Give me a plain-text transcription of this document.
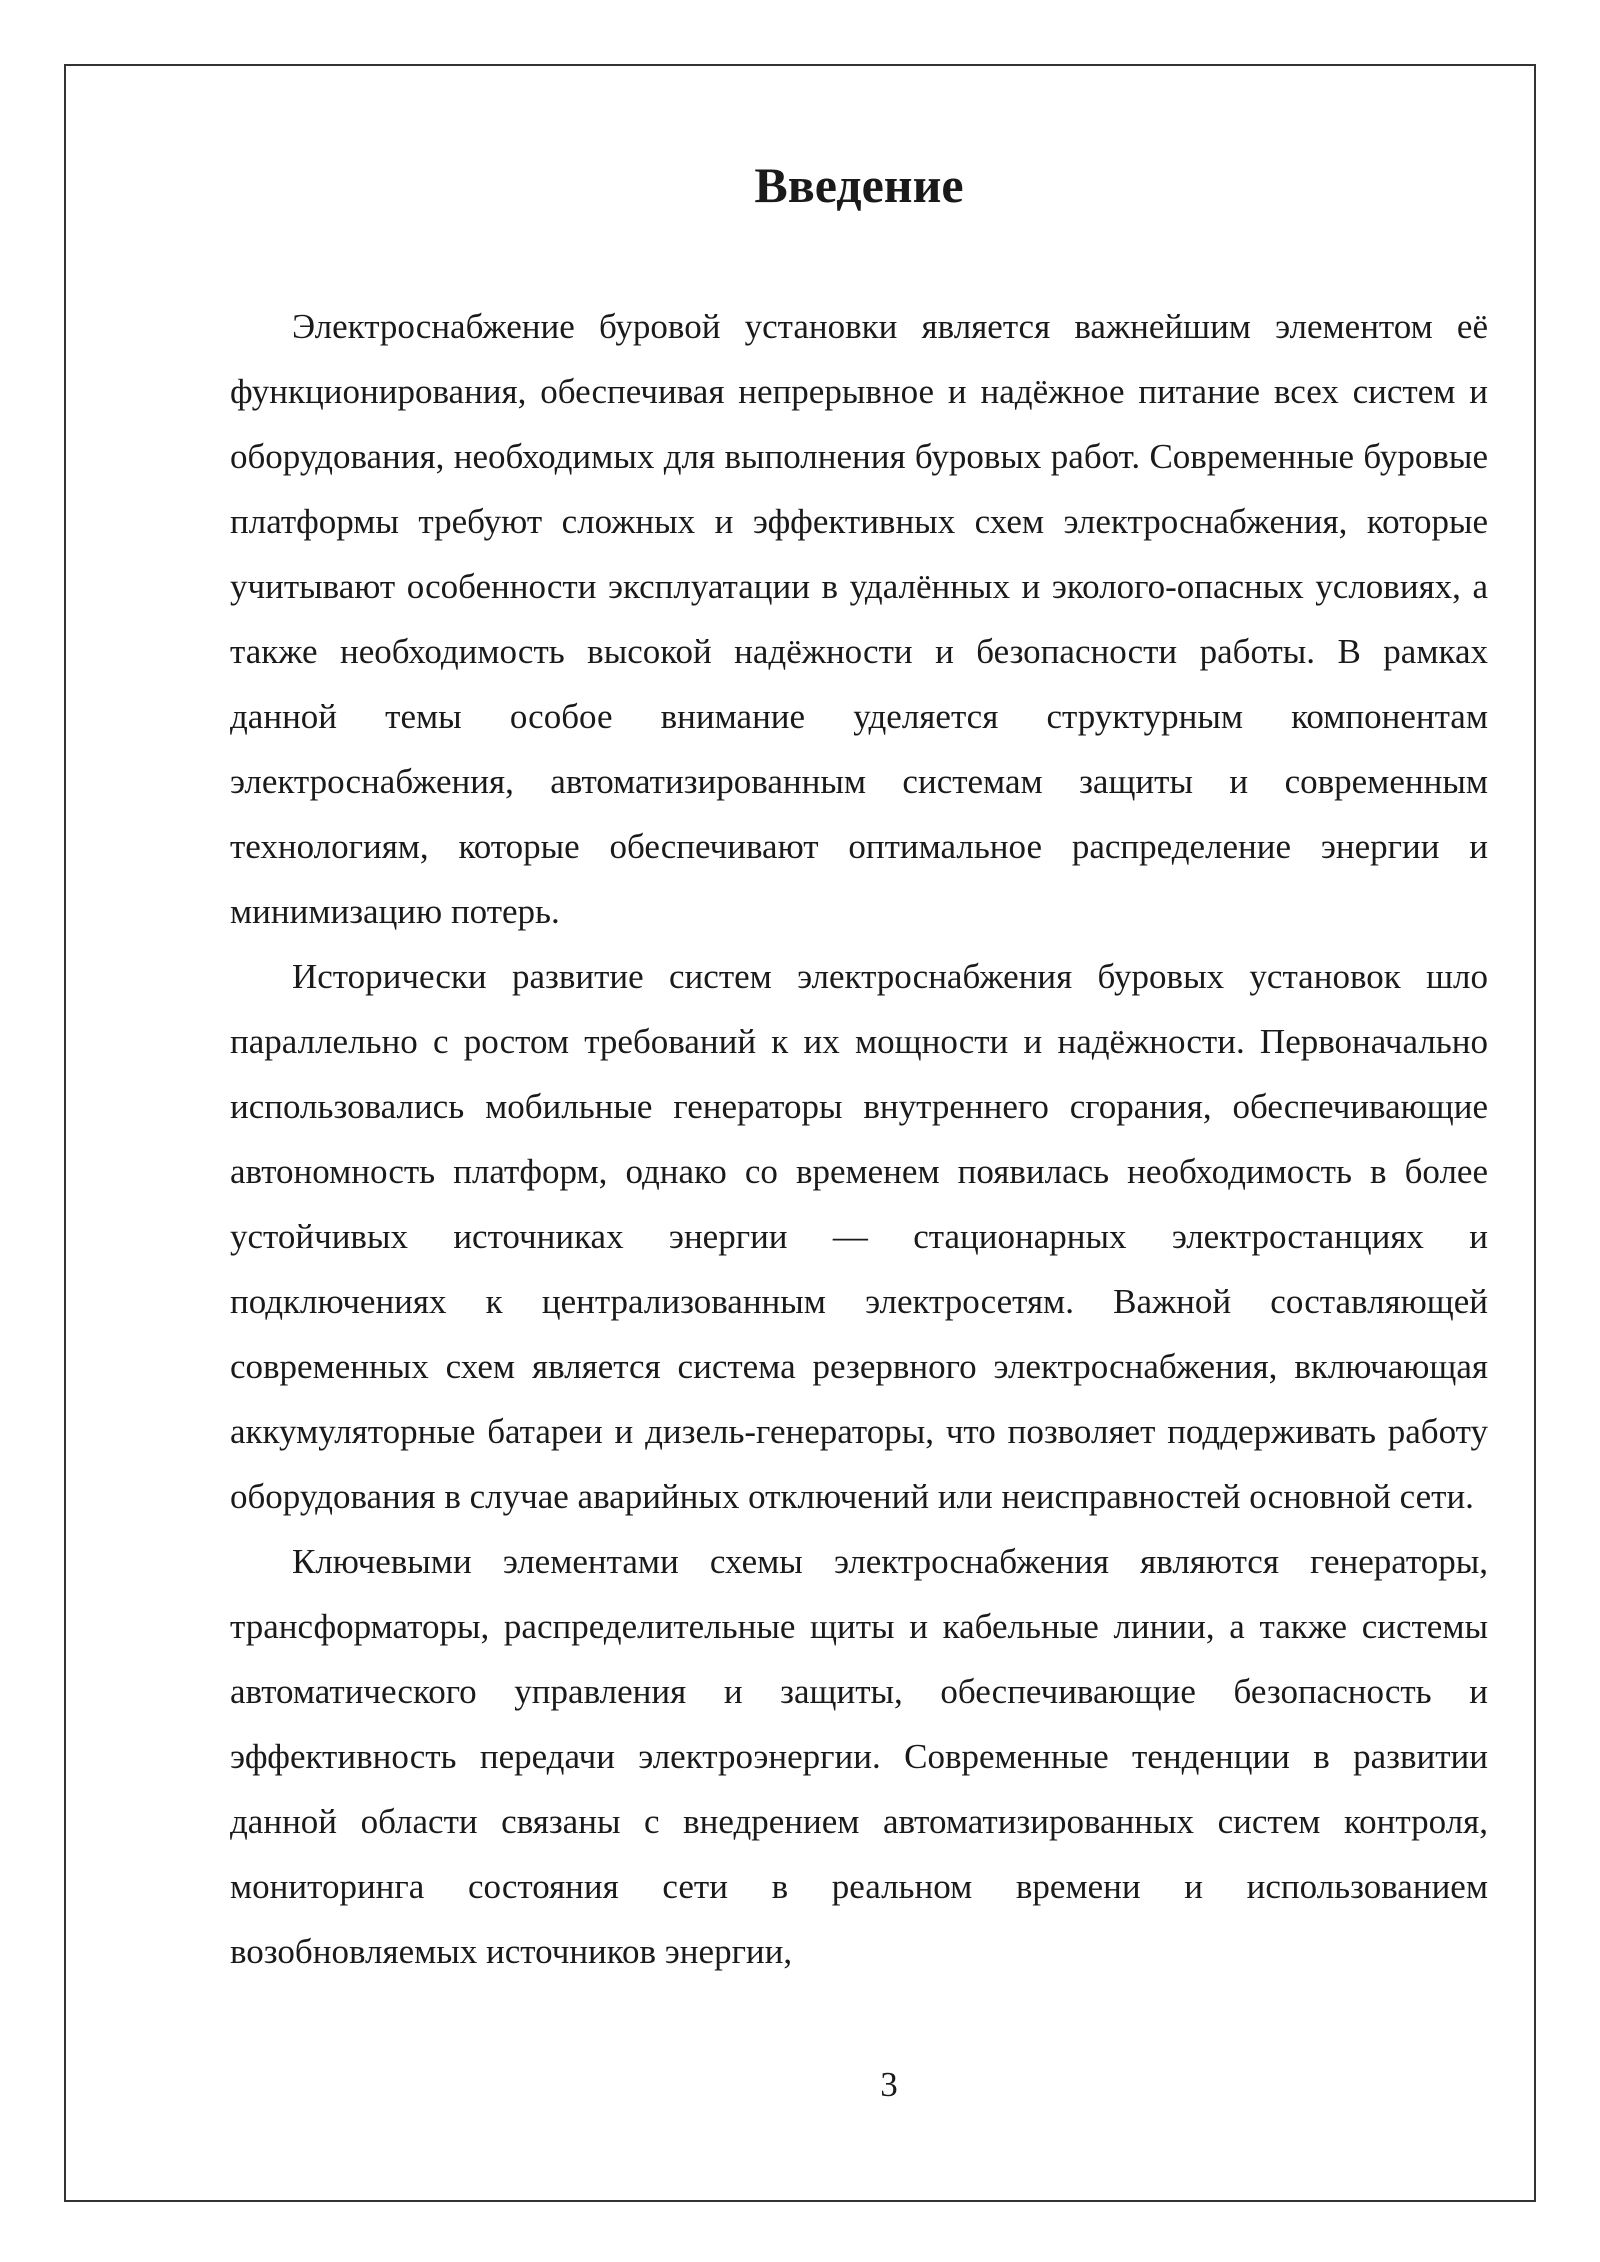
Введение

Электроснабжение буровой установки является важнейшим элементом её функционирования, обеспечивая непрерывное и надёжное питание всех систем и оборудования, необходимых для выполнения буровых работ. Современные буровые платформы требуют сложных и эффективных схем электроснабжения, которые учитывают особенности эксплуатации в удалённых и эколого-опасных условиях, а также необходимость высокой надёжности и безопасности работы. В рамках данной темы особое внимание уделяется структурным компонентам электроснабжения, автоматизированным системам защиты и современным технологиям, которые обеспечивают оптимальное распределение энергии и минимизацию потерь.

Исторически развитие систем электроснабжения буровых установок шло параллельно с ростом требований к их мощности и надёжности. Первоначально использовались мобильные генераторы внутреннего сгорания, обеспечивающие автономность платформ, однако со временем появилась необходимость в более устойчивых источниках энергии — стационарных электростанциях и подключениях к централизованным электросетям. Важной составляющей современных схем является система резервного электроснабжения, включающая аккумуляторные батареи и дизель-генераторы, что позволяет поддерживать работу оборудования в случае аварийных отключений или неисправностей основной сети.

Ключевыми элементами схемы электроснабжения являются генераторы, трансформаторы, распределительные щиты и кабельные линии, а также системы автоматического управления и защиты, обеспечивающие безопасность и эффективность передачи электроэнергии. Современные тенденции в развитии данной области связаны с внедрением автоматизированных систем контроля, мониторинга состояния сети в реальном времени и использованием возобновляемых источников энергии,

3
